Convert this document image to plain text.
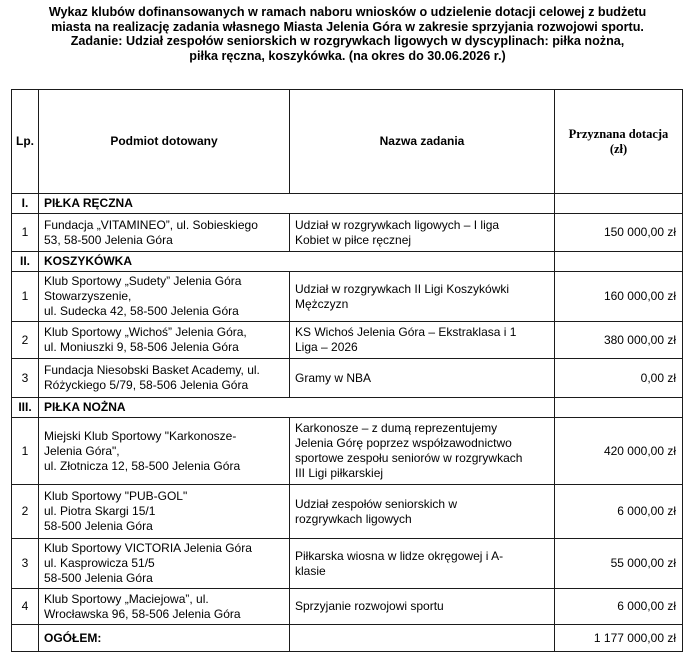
Wykaz klubów dofinansowanych w ramach naboru wniosków o udzielenie dotacji celowej z budżetu
miasta na realizację zadania własnego Miasta Jelenia Góra w zakresie sprzyjania rozwojowi sportu.
Zadanie: Udział zespołów seniorskich w rozgrywkach ligowych w dyscyplinach: piłka nożna,
piłka ręczna, koszykówka. (na okres do 30.06.2026 r.)
Lp.	Podmiot dotowany	Nazwa zadania	Przyznana dotacja
(zł)
I.	PIŁKA RĘCZNA		
1	Fundacja „VITAMINEO”, ul. Sobieskiego
53, 58-500 Jelenia Góra	Udział w rozgrywkach ligowych – I liga
Kobiet w piłce ręcznej	150 000,00 zł
II.	KOSZYKÓWKA		
1	Klub Sportowy „Sudety” Jelenia Góra
Stowarzyszenie,
ul. Sudecka 42, 58-500 Jelenia Góra	Udział w rozgrywkach II Ligi Koszykówki
Mężczyzn	160 000,00 zł
2	Klub Sportowy „Wichoś” Jelenia Góra,
ul. Moniuszki 9, 58-506 Jelenia Góra	KS Wichoś Jelenia Góra – Ekstraklasa i 1
Liga – 2026	380 000,00 zł
3	Fundacja Niesobski Basket Academy, ul.
Różyckiego 5/79, 58-506 Jelenia Góra	Gramy w NBA	0,00 zł
III.	PIŁKA NOŻNA		
1	Miejski Klub Sportowy "Karkonosze-
Jelenia Góra",
ul. Złotnicza 12, 58-500 Jelenia Góra	Karkonosze – z dumą reprezentujemy
Jelenia Górę poprzez współzawodnictwo
sportowe zespołu seniorów w rozgrywkach
III Ligi piłkarskiej	420 000,00 zł
2	Klub Sportowy "PUB-GOL"
ul. Piotra Skargi 15/1
58-500 Jelenia Góra	Udział zespołów seniorskich w
rozgrywkach ligowych	6 000,00 zł
3	Klub Sportowy VICTORIA Jelenia Góra
ul. Kasprowicza 51/5
58-500 Jelenia Góra	Piłkarska wiosna w lidze okręgowej i A-
klasie	55 000,00 zł
4	Klub Sportowy „Maciejowa”, ul.
Wrocławska 96, 58-506 Jelenia Góra	Sprzyjanie rozwojowi sportu	6 000,00 zł
	OGÓŁEM:		1 177 000,00 zł
